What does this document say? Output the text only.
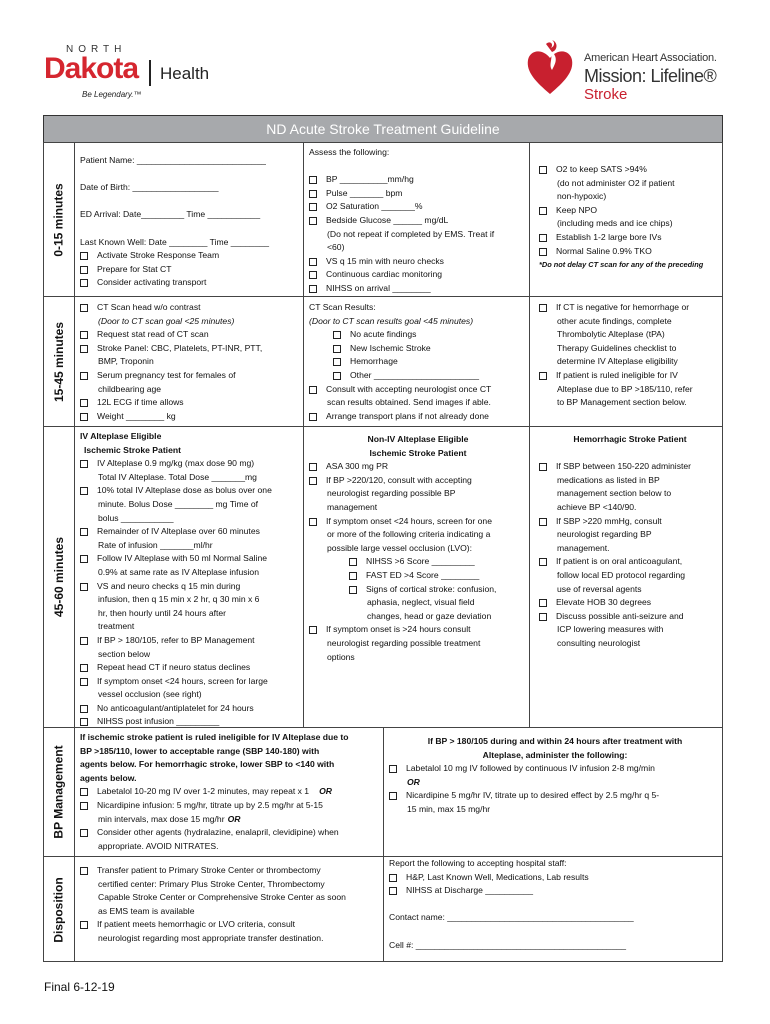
NORTH
Dakota Health
Be Legendary.™
American Heart Association.
Mission: Lifeline®
Stroke
ND Acute Stroke Treatment Guideline
0-15 minutes
15-45 minutes
45-60 minutes
BP Management
Disposition
Patient Name: ___________________________
Date of Birth: __________________
ED Arrival: Date_________ Time ___________
Last Known Well: Date ________ Time ________
Activate Stroke Response Team
Prepare for Stat CT
Consider activating transport
Assess the following:
BP __________mm/hg
Pulse _______ bpm
O2 Saturation _______%
Bedside Glucose ______ mg/dL
(Do not repeat if completed by EMS. Treat if
<60)
VS q 15 min with neuro checks
Continuous cardiac monitoring
NIHSS on arrival ________
O2 to keep SATS >94%
(do not administer O2 if patient
non-hypoxic)
Keep NPO
(including meds and ice chips)
Establish 1-2 large bore IVs
Normal Saline 0.9% TKO
*Do not delay CT scan for any of the preceding
CT Scan head w/o contrast
(Door to CT scan goal <25 minutes)
Request stat read of CT scan
Stroke Panel: CBC, Platelets, PT-INR, PTT,
BMP, Troponin
Serum pregnancy test for females of
childbearing age
12L ECG if time allows
Weight ________ kg
CT Scan Results:
(Door to CT scan results goal <45 minutes)
No acute findings
New Ischemic Stroke
Hemorrhage
Other ______________________
Consult with accepting neurologist once CT
scan results obtained. Send images if able.
Arrange transport plans if not already done
If CT is negative for hemorrhage or
other acute findings, complete
Thrombolytic Alteplase (tPA)
Therapy Guidelines checklist to
determine IV Alteplase eligibility
If patient is ruled ineligible for IV
Alteplase due to BP >185/110, refer
to BP Management section below.
IV Alteplase Eligible
Ischemic Stroke Patient
IV Alteplase 0.9 mg/kg (max dose 90 mg)
Total IV Alteplase. Total Dose _______mg
10% total IV Alteplase dose as bolus over one
minute. Bolus Dose ________ mg Time of
bolus ___________
Remainder of IV Alteplase over 60 minutes
Rate of infusion _______ml/hr
Follow IV Alteplase with 50 ml Normal Saline
0.9% at same rate as IV Alteplase infusion
VS and neuro checks q 15 min during
infusion, then q 15 min x 2 hr, q 30 min x 6
hr, then hourly until 24 hours after
treatment
If BP > 180/105, refer to BP Management
section below
Repeat head CT if neuro status declines
If symptom onset <24 hours, screen for large
vessel occlusion (see right)
No anticoagulant/antiplatelet for 24 hours
NIHSS post infusion _________
Non-IV Alteplase Eligible
Ischemic Stroke Patient
ASA 300 mg PR
If BP >220/120, consult with accepting
neurologist regarding possible BP
management
If symptom onset <24 hours, screen for one
or more of the following criteria indicating a
possible large vessel occlusion (LVO):
NIHSS >6 Score _________
FAST ED >4 Score ________
Signs of cortical stroke: confusion,
aphasia, neglect, visual field
changes, head or gaze deviation
If symptom onset is >24 hours consult
neurologist regarding possible treatment
options
Hemorrhagic Stroke Patient
If SBP between 150-220 administer
medications as listed in BP
management section below to
achieve BP <140/90.
If SBP >220 mmHg, consult
neurologist regarding BP
management.
If patient is on oral anticoagulant,
follow local ED protocol regarding
use of reversal agents
Elevate HOB 30 degrees
Discuss possible anti-seizure and
ICP lowering measures with
consulting neurologist
If ischemic stroke patient is ruled ineligible for IV Alteplase due to
BP >185/110, lower to acceptable range (SBP 140-180) with
agents below. For hemorrhagic stroke, lower SBP to <140 with
agents below.
Labetalol 10-20 mg IV over 1-2 minutes, may repeat x 1 OR
Nicardipine infusion: 5 mg/hr, titrate up by 2.5 mg/hr at 5-15
min intervals, max dose 15 mg/hr OR
Consider other agents (hydralazine, enalapril, clevidipine) when
appropriate. AVOID NITRATES.
If BP > 180/105 during and within 24 hours after treatment with
Alteplase, administer the following:
Labetalol 10 mg IV followed by continuous IV infusion 2-8 mg/min
OR
Nicardipine 5 mg/hr IV, titrate up to desired effect by 2.5 mg/hr q 5-
15 min, max 15 mg/hr
Transfer patient to Primary Stroke Center or thrombectomy
certified center: Primary Plus Stroke Center, Thrombectomy
Capable Stroke Center or Comprehensive Stroke Center as soon
as EMS team is available
If patient meets hemorrhagic or LVO criteria, consult
neurologist regarding most appropriate transfer destination.
Report the following to accepting hospital staff:
H&P, Last Known Well, Medications, Lab results
NIHSS at Discharge __________
Contact name: _______________________________________
Cell #: ____________________________________________
Final 6-12-19
